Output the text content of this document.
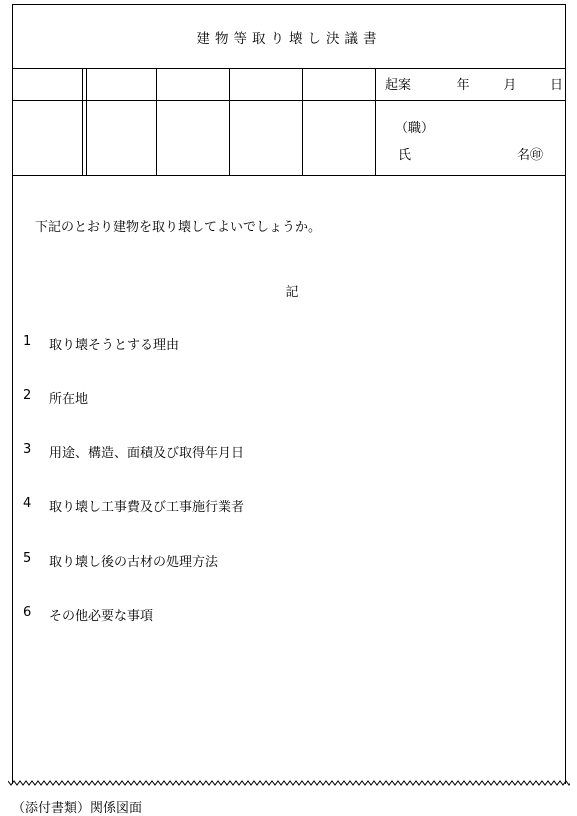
建物等取り壊し決議書
起案	年	月	日
（職）
氏	名㊞
下記のとおり建物を取り壊してよいでしょうか。
記
1	取り壊そうとする理由
2	所在地
3	用途、構造、面積及び取得年月日
4	取り壊し工事費及び工事施行業者
5	取り壊し後の古材の処理方法
6	その他必要な事項
（添付書類）関係図面
